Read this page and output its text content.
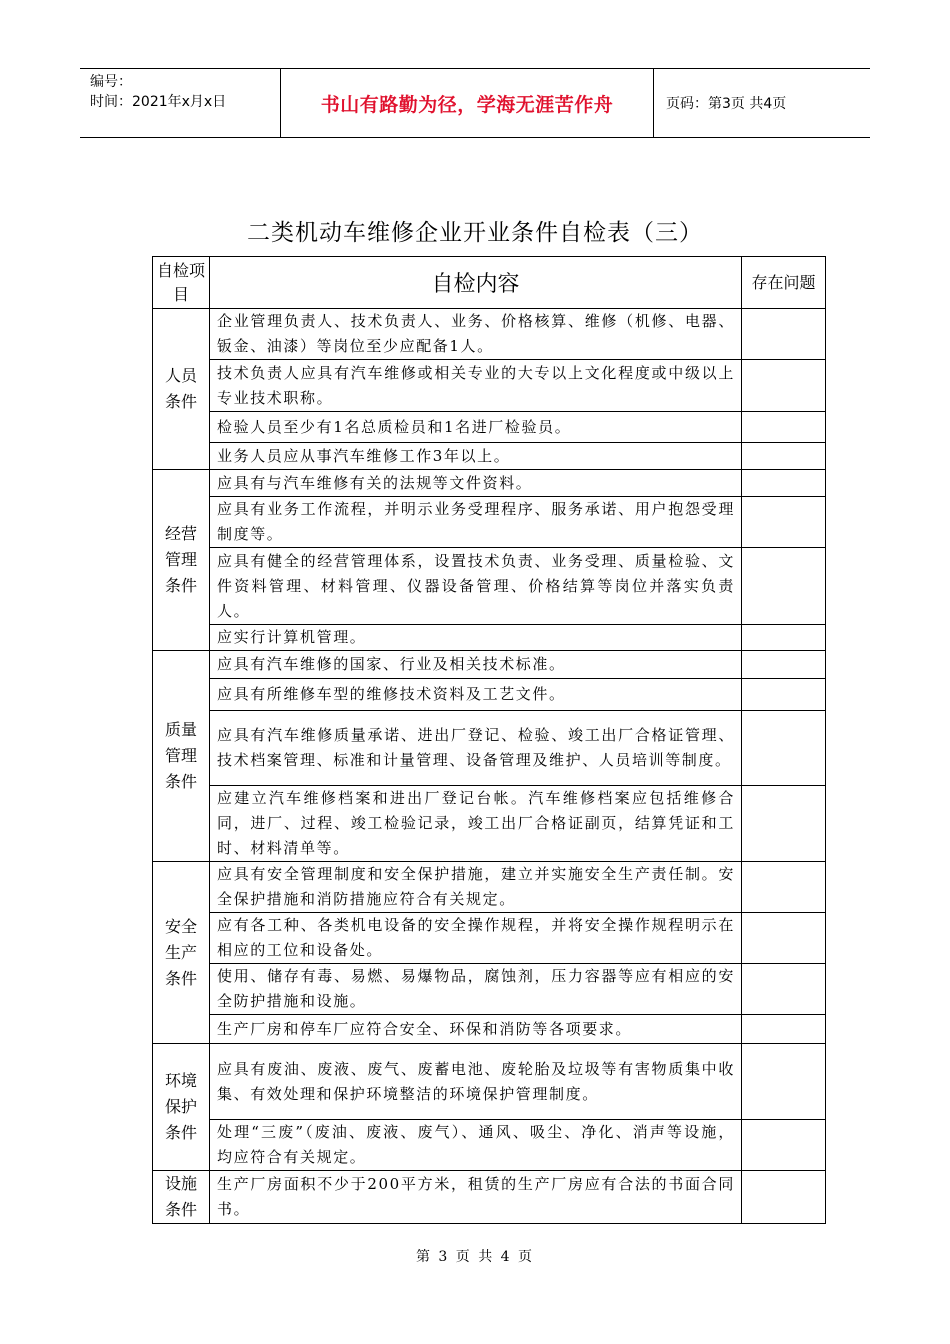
编号：
时间：2021年x月x日	书山有路勤为径，学海无涯苦作舟	页码：第3页 共4页
二类机动车维修企业开业条件自检表（三）
自检项目	自检内容	存在问题
人员条件	企业管理负责人、技术负责人、业务、价格核算、维修（机修、电器、钣金、油漆）等岗位至少应配备1人。	
	技术负责人应具有汽车维修或相关专业的大专以上文化程度或中级以上专业技术职称。	
	检验人员至少有1名总质检员和1名进厂检验员。	
	业务人员应从事汽车维修工作3年以上。	
经营管理条件	应具有与汽车维修有关的法规等文件资料。	
	应具有业务工作流程，并明示业务受理程序、服务承诺、用户抱怨受理制度等。	
	应具有健全的经营管理体系，设置技术负责、业务受理、质量检验、文件资料管理、材料管理、仪器设备管理、价格结算等岗位并落实负责人。	
	应实行计算机管理。	
质量管理条件	应具有汽车维修的国家、行业及相关技术标准。	
	应具有所维修车型的维修技术资料及工艺文件。	
	应具有汽车维修质量承诺、进出厂登记、检验、竣工出厂合格证管理、技术档案管理、标准和计量管理、设备管理及维护、人员培训等制度。	
	应建立汽车维修档案和进出厂登记台帐。汽车维修档案应包括维修合同，进厂、过程、竣工检验记录，竣工出厂合格证副页，结算凭证和工时、材料清单等。	
安全生产条件	应具有安全管理制度和安全保护措施，建立并实施安全生产责任制。安全保护措施和消防措施应符合有关规定。	
	应有各工种、各类机电设备的安全操作规程，并将安全操作规程明示在相应的工位和设备处。	
	使用、储存有毒、易燃、易爆物品，腐蚀剂，压力容器等应有相应的安全防护措施和设施。	
	生产厂房和停车厂应符合安全、环保和消防等各项要求。	
环境保护条件	应具有废油、废液、废气、废蓄电池、废轮胎及垃圾等有害物质集中收集、有效处理和保护环境整洁的环境保护管理制度。	
	处理“三废”（废油、废液、废气）、通风、吸尘、净化、消声等设施，均应符合有关规定。	
设施条件	生产厂房面积不少于200平方米，租赁的生产厂房应有合法的书面合同书。	
第 3 页 共 4 页
